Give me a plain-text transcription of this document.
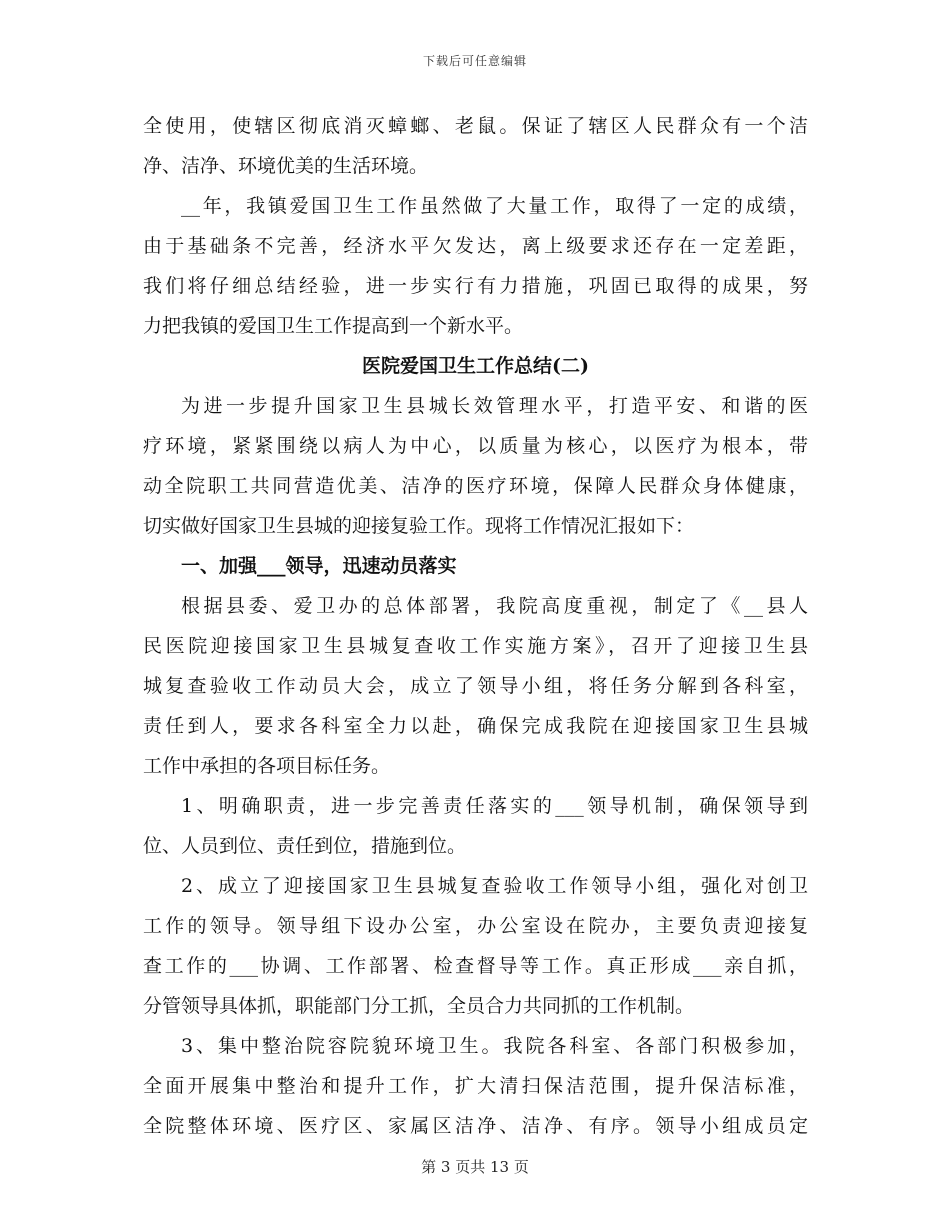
下载后可任意编辑
全使用，使辖区彻底消灭蟑螂、老鼠。保证了辖区人民群众有一个洁
净、洁净、环境优美的生活环境。
__年，我镇爱国卫生工作虽然做了大量工作，取得了一定的成绩，
由于基础条不完善，经济水平欠发达，离上级要求还存在一定差距，
我们将仔细总结经验，进一步实行有力措施，巩固已取得的成果，努
力把我镇的爱国卫生工作提高到一个新水平。
医院爱国卫生工作总结(二)
为进一步提升国家卫生县城长效管理水平，打造平安、和谐的医
疗环境，紧紧围绕以病人为中心，以质量为核心，以医疗为根本，带
动全院职工共同营造优美、洁净的医疗环境，保障人民群众身体健康，
切实做好国家卫生县城的迎接复验工作。现将工作情况汇报如下：
一、加强___领导，迅速动员落实
根据县委、爱卫办的总体部署，我院高度重视，制定了《__县人
民医院迎接国家卫生县城复查收工作实施方案》，召开了迎接卫生县
城复查验收工作动员大会，成立了领导小组，将任务分解到各科室，
责任到人，要求各科室全力以赴，确保完成我院在迎接国家卫生县城
工作中承担的各项目标任务。
1、明确职责，进一步完善责任落实的___领导机制，确保领导到
位、人员到位、责任到位，措施到位。
2、成立了迎接国家卫生县城复查验收工作领导小组，强化对创卫
工作的领导。领导组下设办公室，办公室设在院办，主要负责迎接复
查工作的___协调、工作部署、检查督导等工作。真正形成___亲自抓，
分管领导具体抓，职能部门分工抓，全员合力共同抓的工作机制。
3、集中整治院容院貌环境卫生。我院各科室、各部门积极参加，
全面开展集中整治和提升工作，扩大清扫保洁范围，提升保洁标准，
全院整体环境、医疗区、家属区洁净、洁净、有序。领导小组成员定
第 3 页共 13 页
